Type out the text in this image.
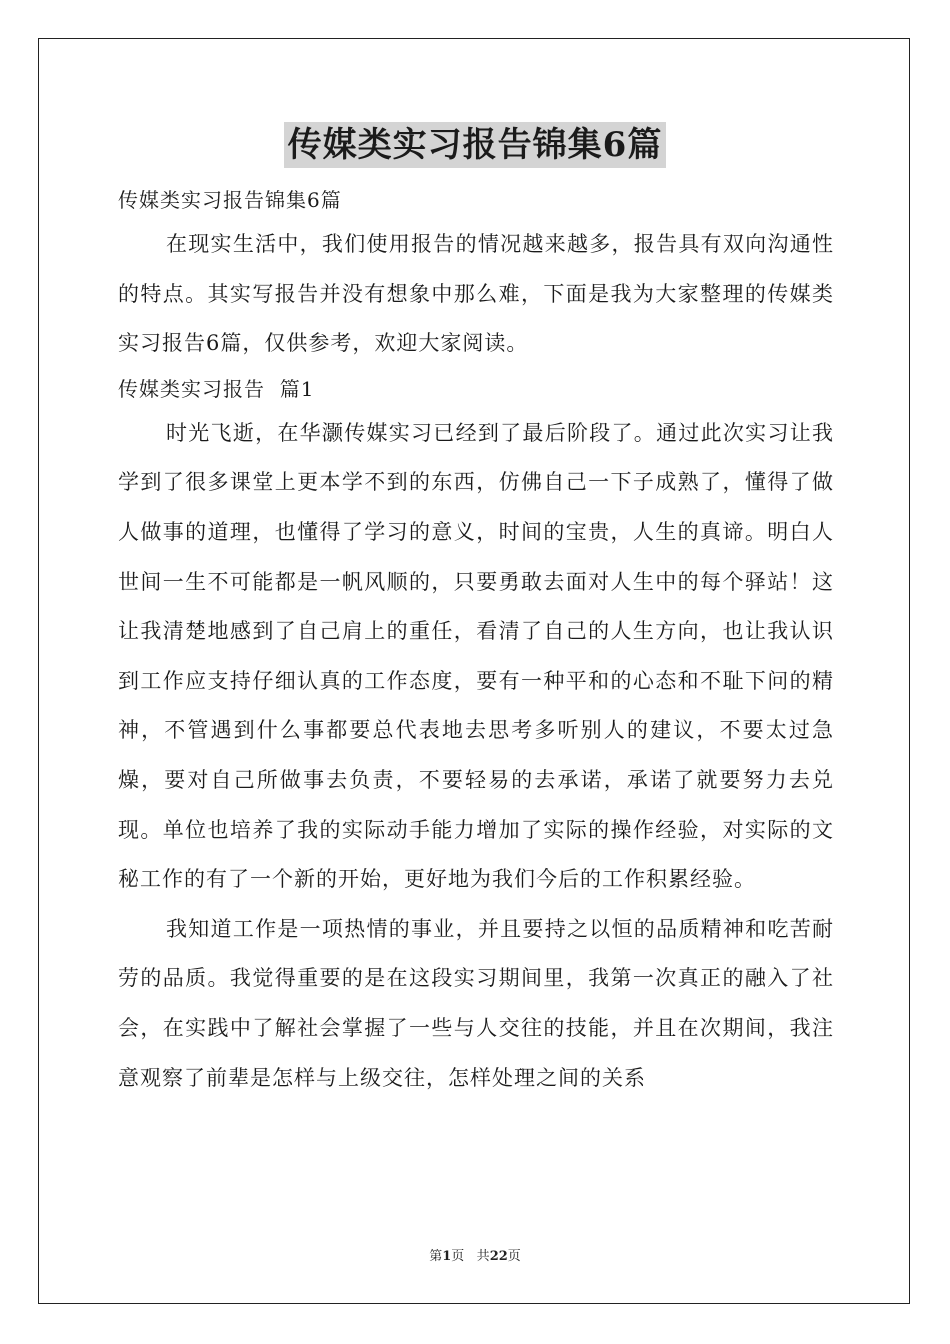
传媒类实习报告锦集6篇

传媒类实习报告锦集6篇

在现实生活中，我们使用报告的情况越来越多，报告具有双向沟通性的特点。其实写报告并没有想象中那么难，下面是我为大家整理的传媒类实习报告6篇，仅供参考，欢迎大家阅读。

传媒类实习报告  篇1

时光飞逝，在华灏传媒实习已经到了最后阶段了。通过此次实习让我学到了很多课堂上更本学不到的东西，仿佛自己一下子成熟了，懂得了做人做事的道理，也懂得了学习的意义，时间的宝贵，人生的真谛。明白人世间一生不可能都是一帆风顺的，只要勇敢去面对人生中的每个驿站！这让我清楚地感到了自己肩上的重任，看清了自己的人生方向，也让我认识到工作应支持仔细认真的工作态度，要有一种平和的心态和不耻下问的精神，不管遇到什么事都要总代表地去思考多听别人的建议，不要太过急燥，要对自己所做事去负责，不要轻易的去承诺，承诺了就要努力去兑现。单位也培养了我的实际动手能力增加了实际的操作经验，对实际的文秘工作的有了一个新的开始，更好地为我们今后的工作积累经验。

我知道工作是一项热情的事业，并且要持之以恒的品质精神和吃苦耐劳的品质。我觉得重要的是在这段实习期间里，我第一次真正的融入了社会，在实践中了解社会掌握了一些与人交往的技能，并且在次期间，我注意观察了前辈是怎样与上级交往，怎样处理之间的关系

第1页 共22页
